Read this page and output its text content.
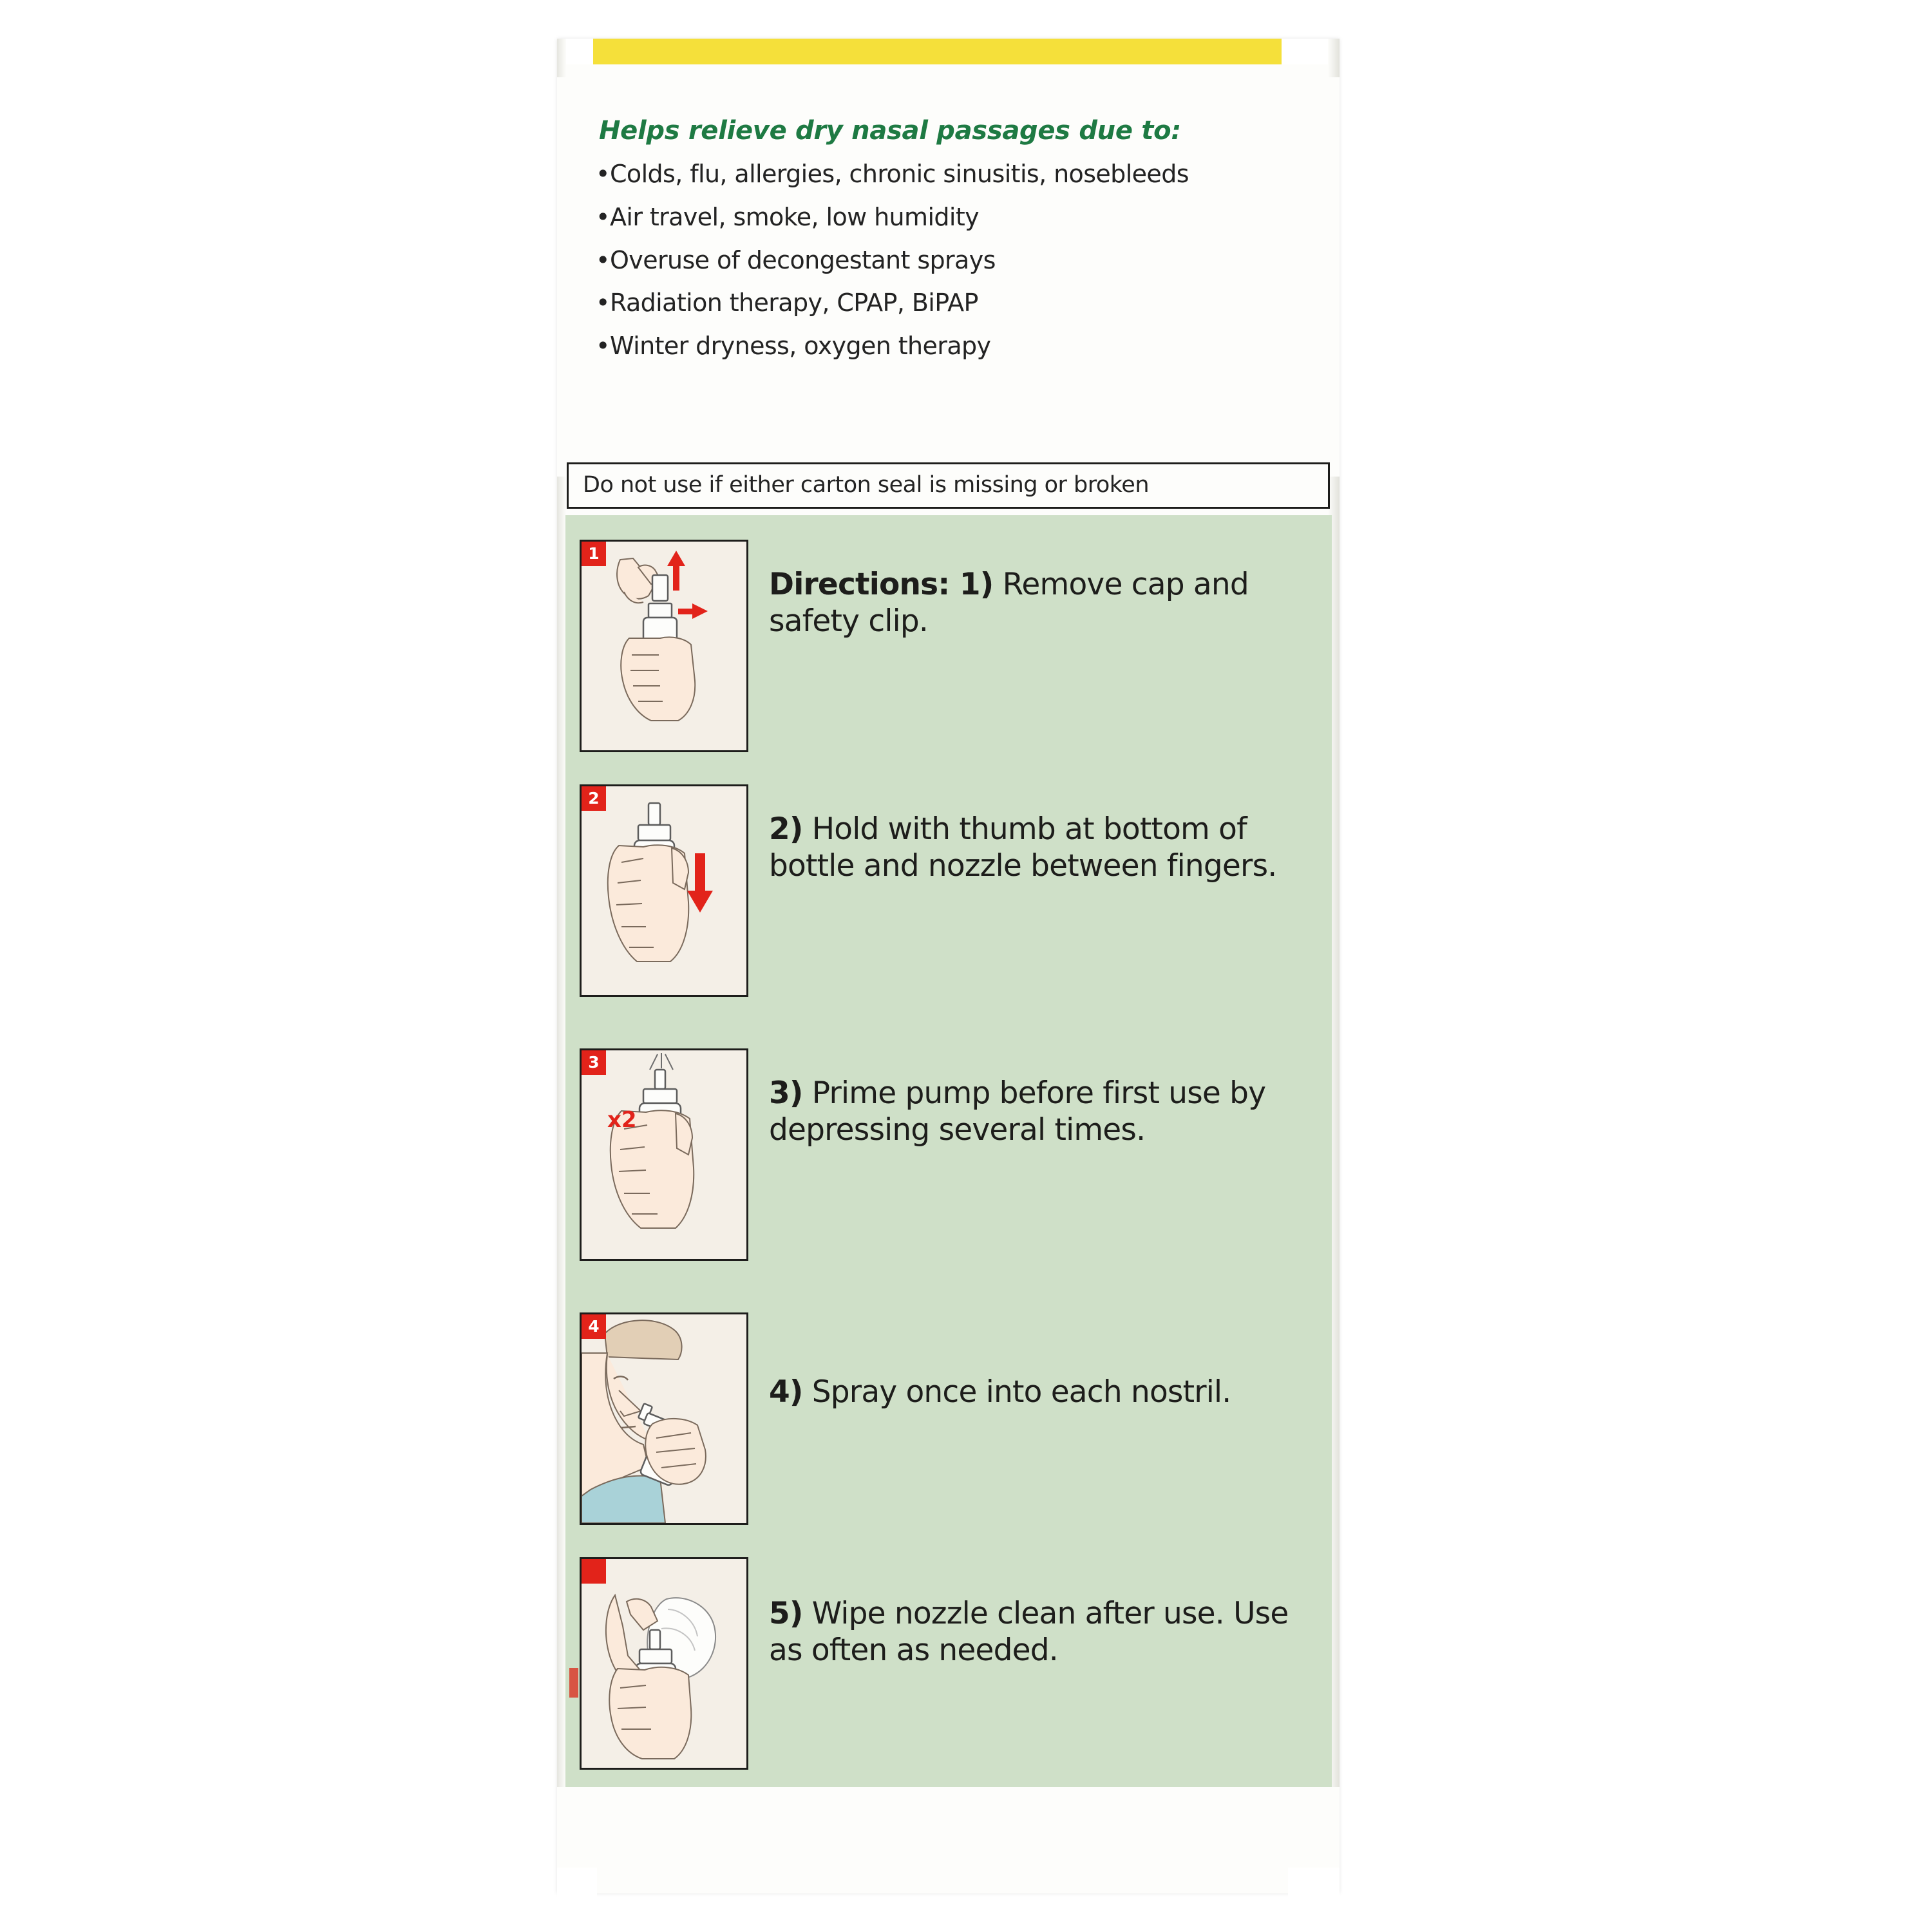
Helps relieve dry nasal passages due to:
•Colds, flu, allergies, chronic sinusitis, nosebleeds
•Air travel, smoke, low humidity
•Overuse of decongestant sprays
•Radiation therapy, CPAP, BiPAP
•Winter dryness, oxygen therapy
Do not use if either carton seal is missing or broken
1
Directions: 1) Remove cap and safety clip.
2
2) Hold with thumb at bottom of bottle and nozzle between fingers.
3
x2
3) Prime pump before first use by depressing several times.
4
4) Spray once into each nostril.
5) Wipe nozzle clean after use. Use as often as needed.
